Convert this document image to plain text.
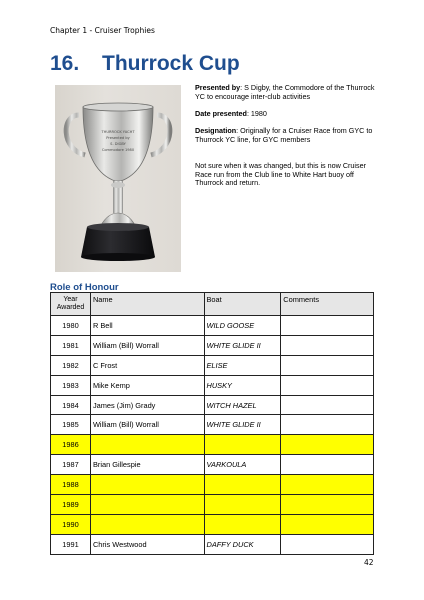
Chapter 1 - Cruiser Trophies
16. Thurrock Cup
THURROCK YACHT
Presented by
S. DIGBY
Commodore 1980

Presented by: S Digby, the Commodore of the Thurrock YC to encourage inter-club activities

Date presented: 1980

Designation: Originally for a Cruiser Race from GYC to Thurrock YC line, for GYC members

Not sure when it was changed, but this is now Cruiser Race run from the Club line to White Hart buoy off Thurrock and return.

Role of Honour
Year Awarded	Name	Boat	Comments
1980	R Bell	WILD GOOSE	
1981	William (Bill) Worrall	WHITE GLIDE II	
1982	C Frost	ELISE	
1983	Mike Kemp	HUSKY	
1984	James (Jim) Grady	WITCH HAZEL	
1985	William (Bill) Worrall	WHITE GLIDE II	
1986			
1987	Brian Gillespie	VARKOULA	
1988			
1989			
1990			
1991	Chris Westwood	DAFFY DUCK	
42
